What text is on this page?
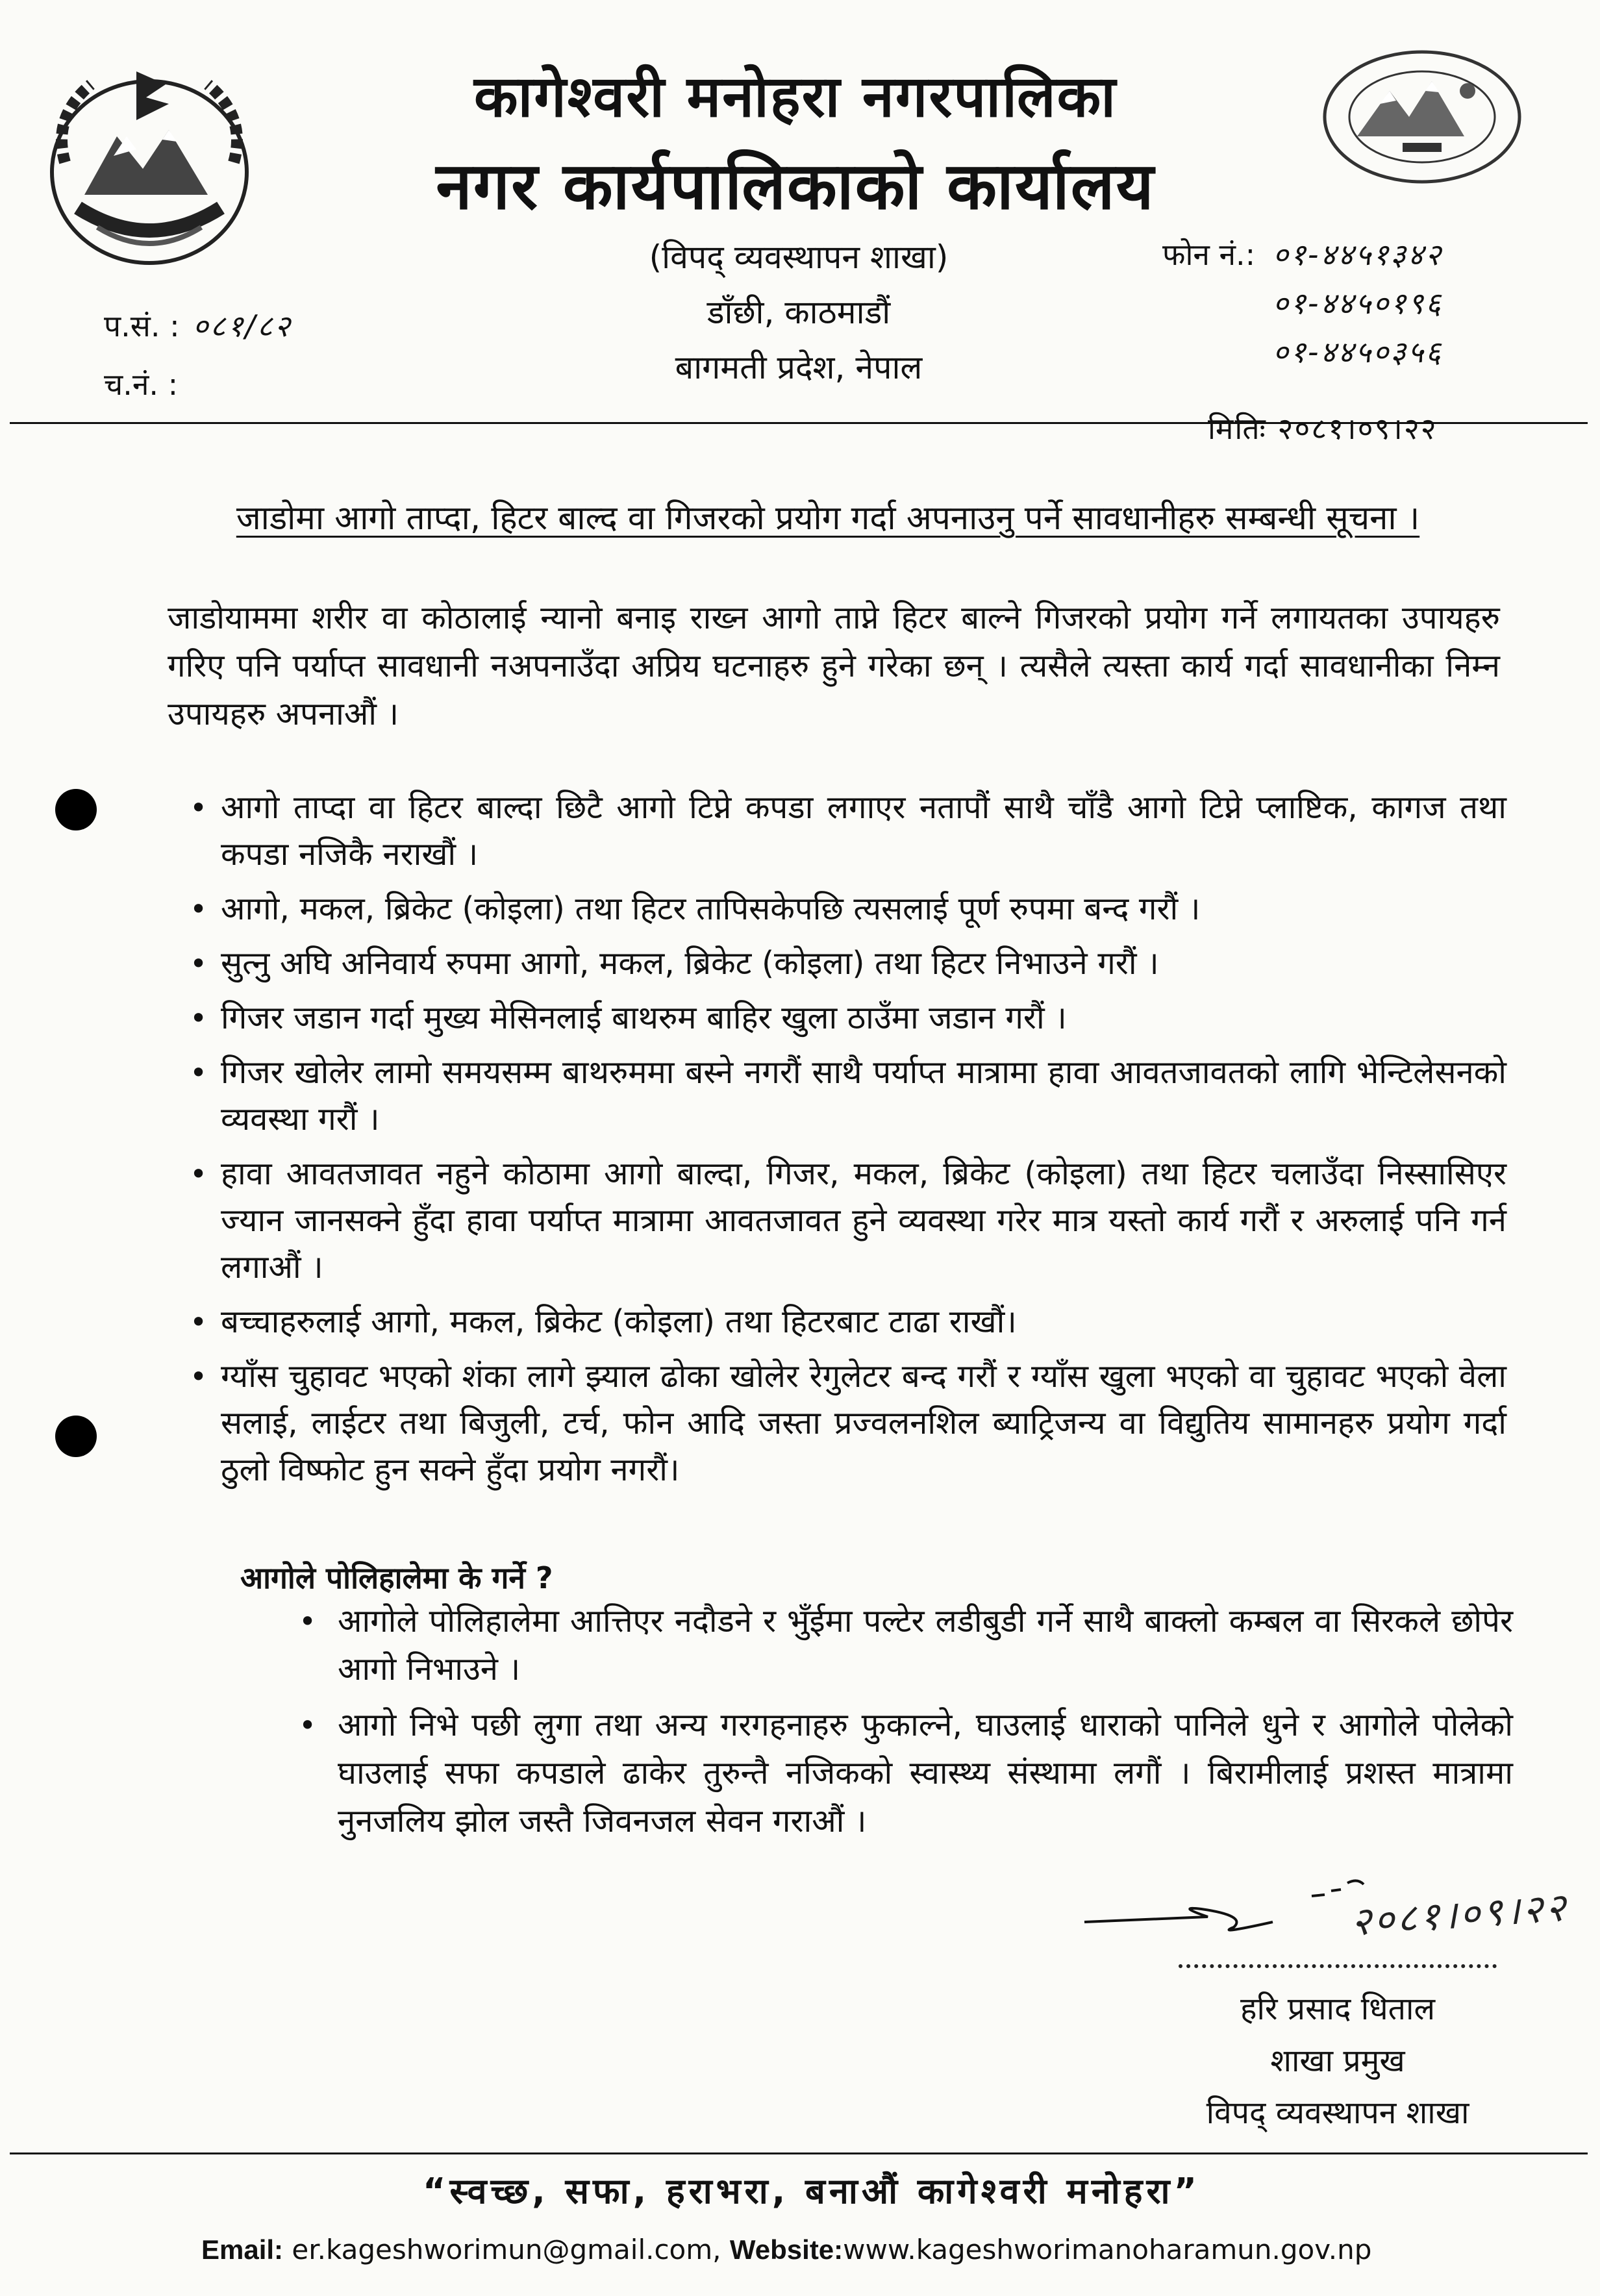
कागेश्वरी मनोहरा नगरपालिका
नगर कार्यपालिकाको कार्यालय
(विपद् व्यवस्थापन शाखा)
डाँछी, काठमाडौं
बागमती प्रदेश, नेपाल
फोन नं.: ०१-४४५१३४२
०१-४४५०१९६
०१-४४५०३५६
प.सं. : ०८१/८२
च.नं. :
मितिः २०८१।०९।२२
जाडोमा आगो ताप्दा, हिटर बाल्द वा गिजरको प्रयोग गर्दा अपनाउनु पर्ने सावधानीहरु सम्बन्धी सूचना ।
जाडोयाममा शरीर वा कोठालाई न्यानो बनाइ राख्न आगो ताप्ने हिटर बाल्ने गिजरको प्रयोग गर्ने लगायतका उपायहरु गरिए पनि पर्याप्त सावधानी नअपनाउँदा अप्रिय घटनाहरु हुने गरेका छन् । त्यसैले त्यस्ता कार्य गर्दा सावधानीका निम्न उपायहरु अपनाऔं ।
• आगो ताप्दा वा हिटर बाल्दा छिटै आगो टिप्ने कपडा लगाएर नतापौं साथै चाँडै आगो टिप्ने प्लाष्टिक, कागज तथा कपडा नजिकै नराखौं ।
• आगो, मकल, ब्रिकेट (कोइला) तथा हिटर तापिसकेपछि त्यसलाई पूर्ण रुपमा बन्द गरौं ।
• सुत्नु अघि अनिवार्य रुपमा आगो, मकल, ब्रिकेट (कोइला) तथा हिटर निभाउने गरौं ।
• गिजर जडान गर्दा मुख्य मेसिनलाई बाथरुम बाहिर खुला ठाउँमा जडान गरौं ।
• गिजर खोलेर लामो समयसम्म बाथरुममा बस्ने नगरौं साथै पर्याप्त मात्रामा हावा आवतजावतको लागि भेन्टिलेसनको व्यवस्था गरौं ।
• हावा आवतजावत नहुने कोठामा आगो बाल्दा, गिजर, मकल, ब्रिकेट (कोइला) तथा हिटर चलाउँदा निस्सासिएर ज्यान जानसक्ने हुँदा हावा पर्याप्त मात्रामा आवतजावत हुने व्यवस्था गरेर मात्र यस्तो कार्य गरौं र अरुलाई पनि गर्न लगाऔं ।
• बच्चाहरुलाई आगो, मकल, ब्रिकेट (कोइला) तथा हिटरबाट टाढा राखौं।
• ग्याँस चुहावट भएको शंका लागे झ्याल ढोका खोलेर रेगुलेटर बन्द गरौं र ग्याँस खुला भएको वा चुहावट भएको वेला सलाई, लाईटर तथा बिजुली, टर्च, फोन आदि जस्ता प्रज्वलनशिल ब्याट्रिजन्य वा विद्युतिय सामानहरु प्रयोग गर्दा ठुलो विष्फोट हुन सक्ने हुँदा प्रयोग नगरौं।
आगोले पोलिहालेमा के गर्ने ?
• आगोले पोलिहालेमा आत्तिएर नदौडने र भुँईमा पल्टेर लडीबुडी गर्ने साथै बाक्लो कम्बल वा सिरकले छोपेर आगो निभाउने ।
• आगो निभे पछी लुगा तथा अन्य गरगहनाहरु फुकाल्ने, घाउलाई धाराको पानिले धुने र आगोले पोलेको घाउलाई सफा कपडाले ढाकेर तुरुन्तै नजिकको स्वास्थ्य संस्थामा लगौं । बिरामीलाई प्रशस्त मात्रामा नुनजलिय झोल जस्तै जिवनजल सेवन गराऔं ।
२०८१।०९।२२
हरि प्रसाद धिताल
शाखा प्रमुख
विपद् व्यवस्थापन शाखा
“स्वच्छ, सफा, हराभरा, बनाऔं कागेश्वरी मनोहरा”
Email: er.kageshworimun@gmail.com, Website:www.kageshworimanoharamun.gov.np
